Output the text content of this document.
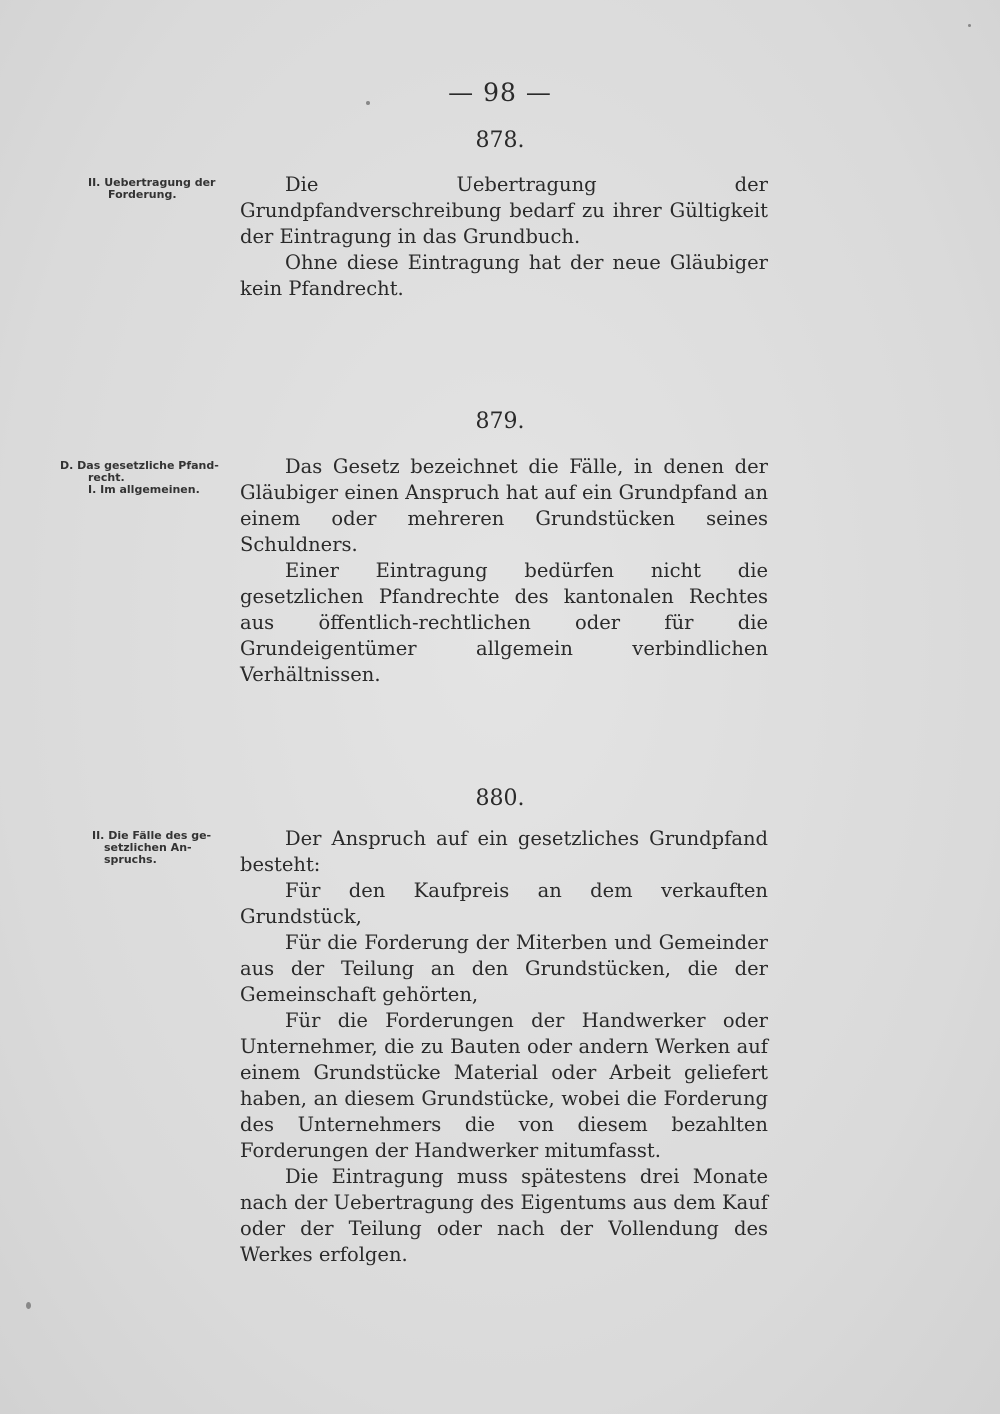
— 98 —
878.
II. Uebertragung der
Forderung.	Die Uebertragung der Grundpfandverschreibung bedarf zu ihrer Gültigkeit der Eintragung in das Grundbuch.

Ohne diese Eintragung hat der neue Gläubiger kein Pfandrecht.

879.
D. Das gesetzliche Pfand-
recht.
I. Im allgemeinen.

Das Gesetz bezeichnet die Fälle, in denen der Gläubiger einen Anspruch hat auf ein Grundpfand an einem oder mehreren Grundstücken seines Schuldners.

Einer Eintragung bedürfen nicht die gesetzlichen Pfandrechte des kantonalen Rechtes aus öffentlich-rechtlichen oder für die Grundeigentümer allgemein verbindlichen Verhältnissen.

880.
II. Die Fälle des ge-
setzlichen An-
spruchs.

Der Anspruch auf ein gesetzliches Grundpfand besteht:

Für den Kaufpreis an dem verkauften Grundstück,

Für die Forderung der Miterben und Gemeinder aus der Teilung an den Grundstücken, die der Gemeinschaft gehörten,

Für die Forderungen der Handwerker oder Unternehmer, die zu Bauten oder andern Werken auf einem Grundstücke Material oder Arbeit geliefert haben, an diesem Grundstücke, wobei die Forderung des Unternehmers die von diesem bezahlten Forderungen der Handwerker mitumfasst.

Die Eintragung muss spätestens drei Monate nach der Uebertragung des Eigentums aus dem Kauf oder der Teilung oder nach der Vollendung des Werkes erfolgen.
